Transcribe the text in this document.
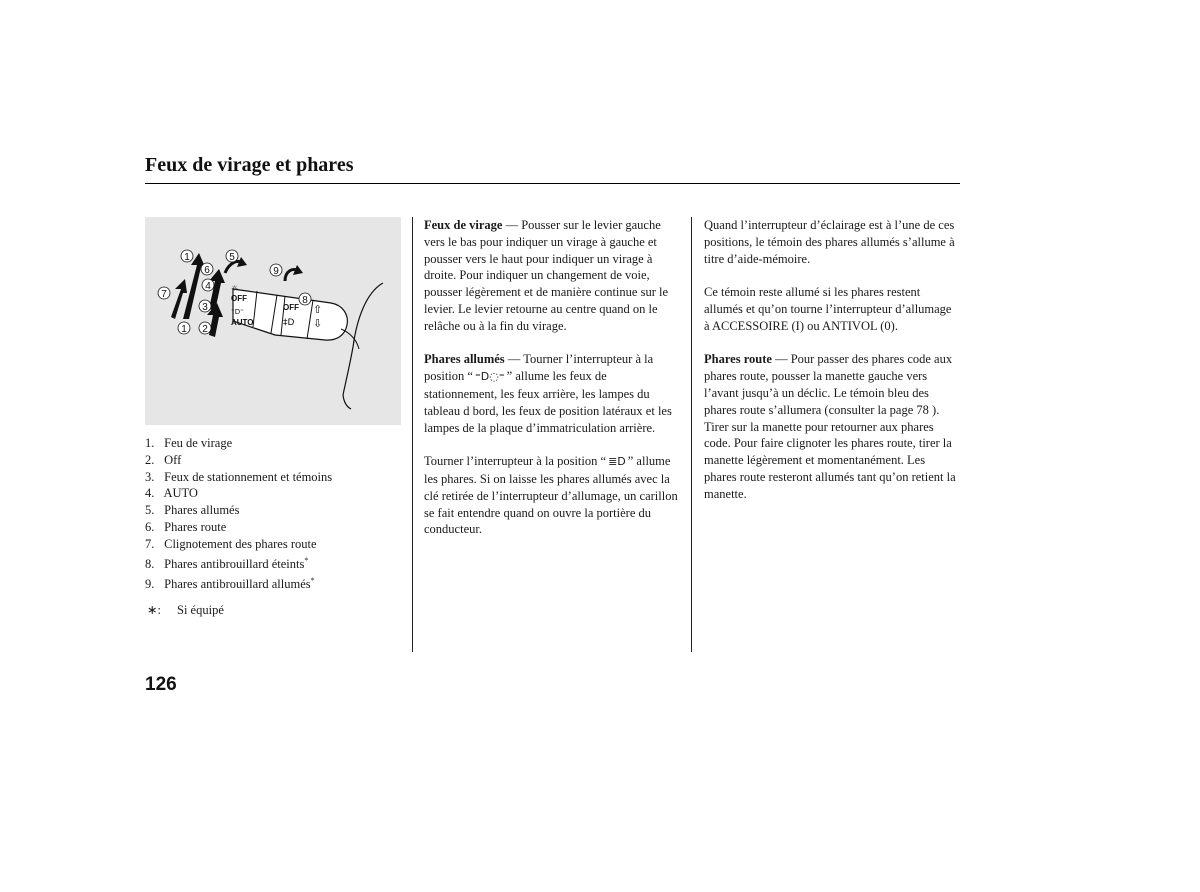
Feux de virage et phares
☼
OFF
⁼D⁼
AUTO
OFF
‡D
⇧
⇩
1
2
3
4
5
6
7
8
9
1
1. Feu de virage
2. Off
3. Feux de stationnement et témoins
4. AUTO
5. Phares allumés
6. Phares route
7. Clignotement des phares route
8. Phares antibrouillard éteints*
9. Phares antibrouillard allumés*
∗: Si équipé

Feux de virage — Pousser sur le levier gauche vers le bas pour indiquer un virage à gauche et pousser vers le haut pour indiquer un virage à droite. Pour indiquer un changement de voie, pousser légèrement et de manière continue sur le levier. Le levier retourne au centre quand on le relâche ou à la fin du virage.

Phares allumés — Tourner l’interrupteur à la position “ ⁼D◌⁼ ” allume les feux de stationnement, les feux arrière, les lampes du tableau d bord, les feux de position latéraux et les lampes de la plaque d’immatriculation arrière.

Tourner l’interrupteur à la position “ ≣D ” allume les phares. Si on laisse les phares allumés avec la clé retirée de l’interrupteur d’allumage, un carillon se fait entendre quand on ouvre la portière du conducteur.

Quand l’interrupteur d’éclairage est à l’une de ces positions, le témoin des phares allumés s’allume à titre d’aide-mémoire.

Ce témoin reste allumé si les phares restent allumés et qu’on tourne l’interrupteur d’allumage à ACCESSOIRE (I) ou ANTIVOL (0).

Phares route — Pour passer des phares code aux phares route, pousser la manette gauche vers l’avant jusqu’à un déclic. Le témoin bleu des phares route s’allumera (consulter la page 78 ). Tirer sur la manette pour retourner aux phares code. Pour faire clignoter les phares route, tirer la manette légèrement et momentanément. Les phares route resteront allumés tant qu’on retient la manette.

126
